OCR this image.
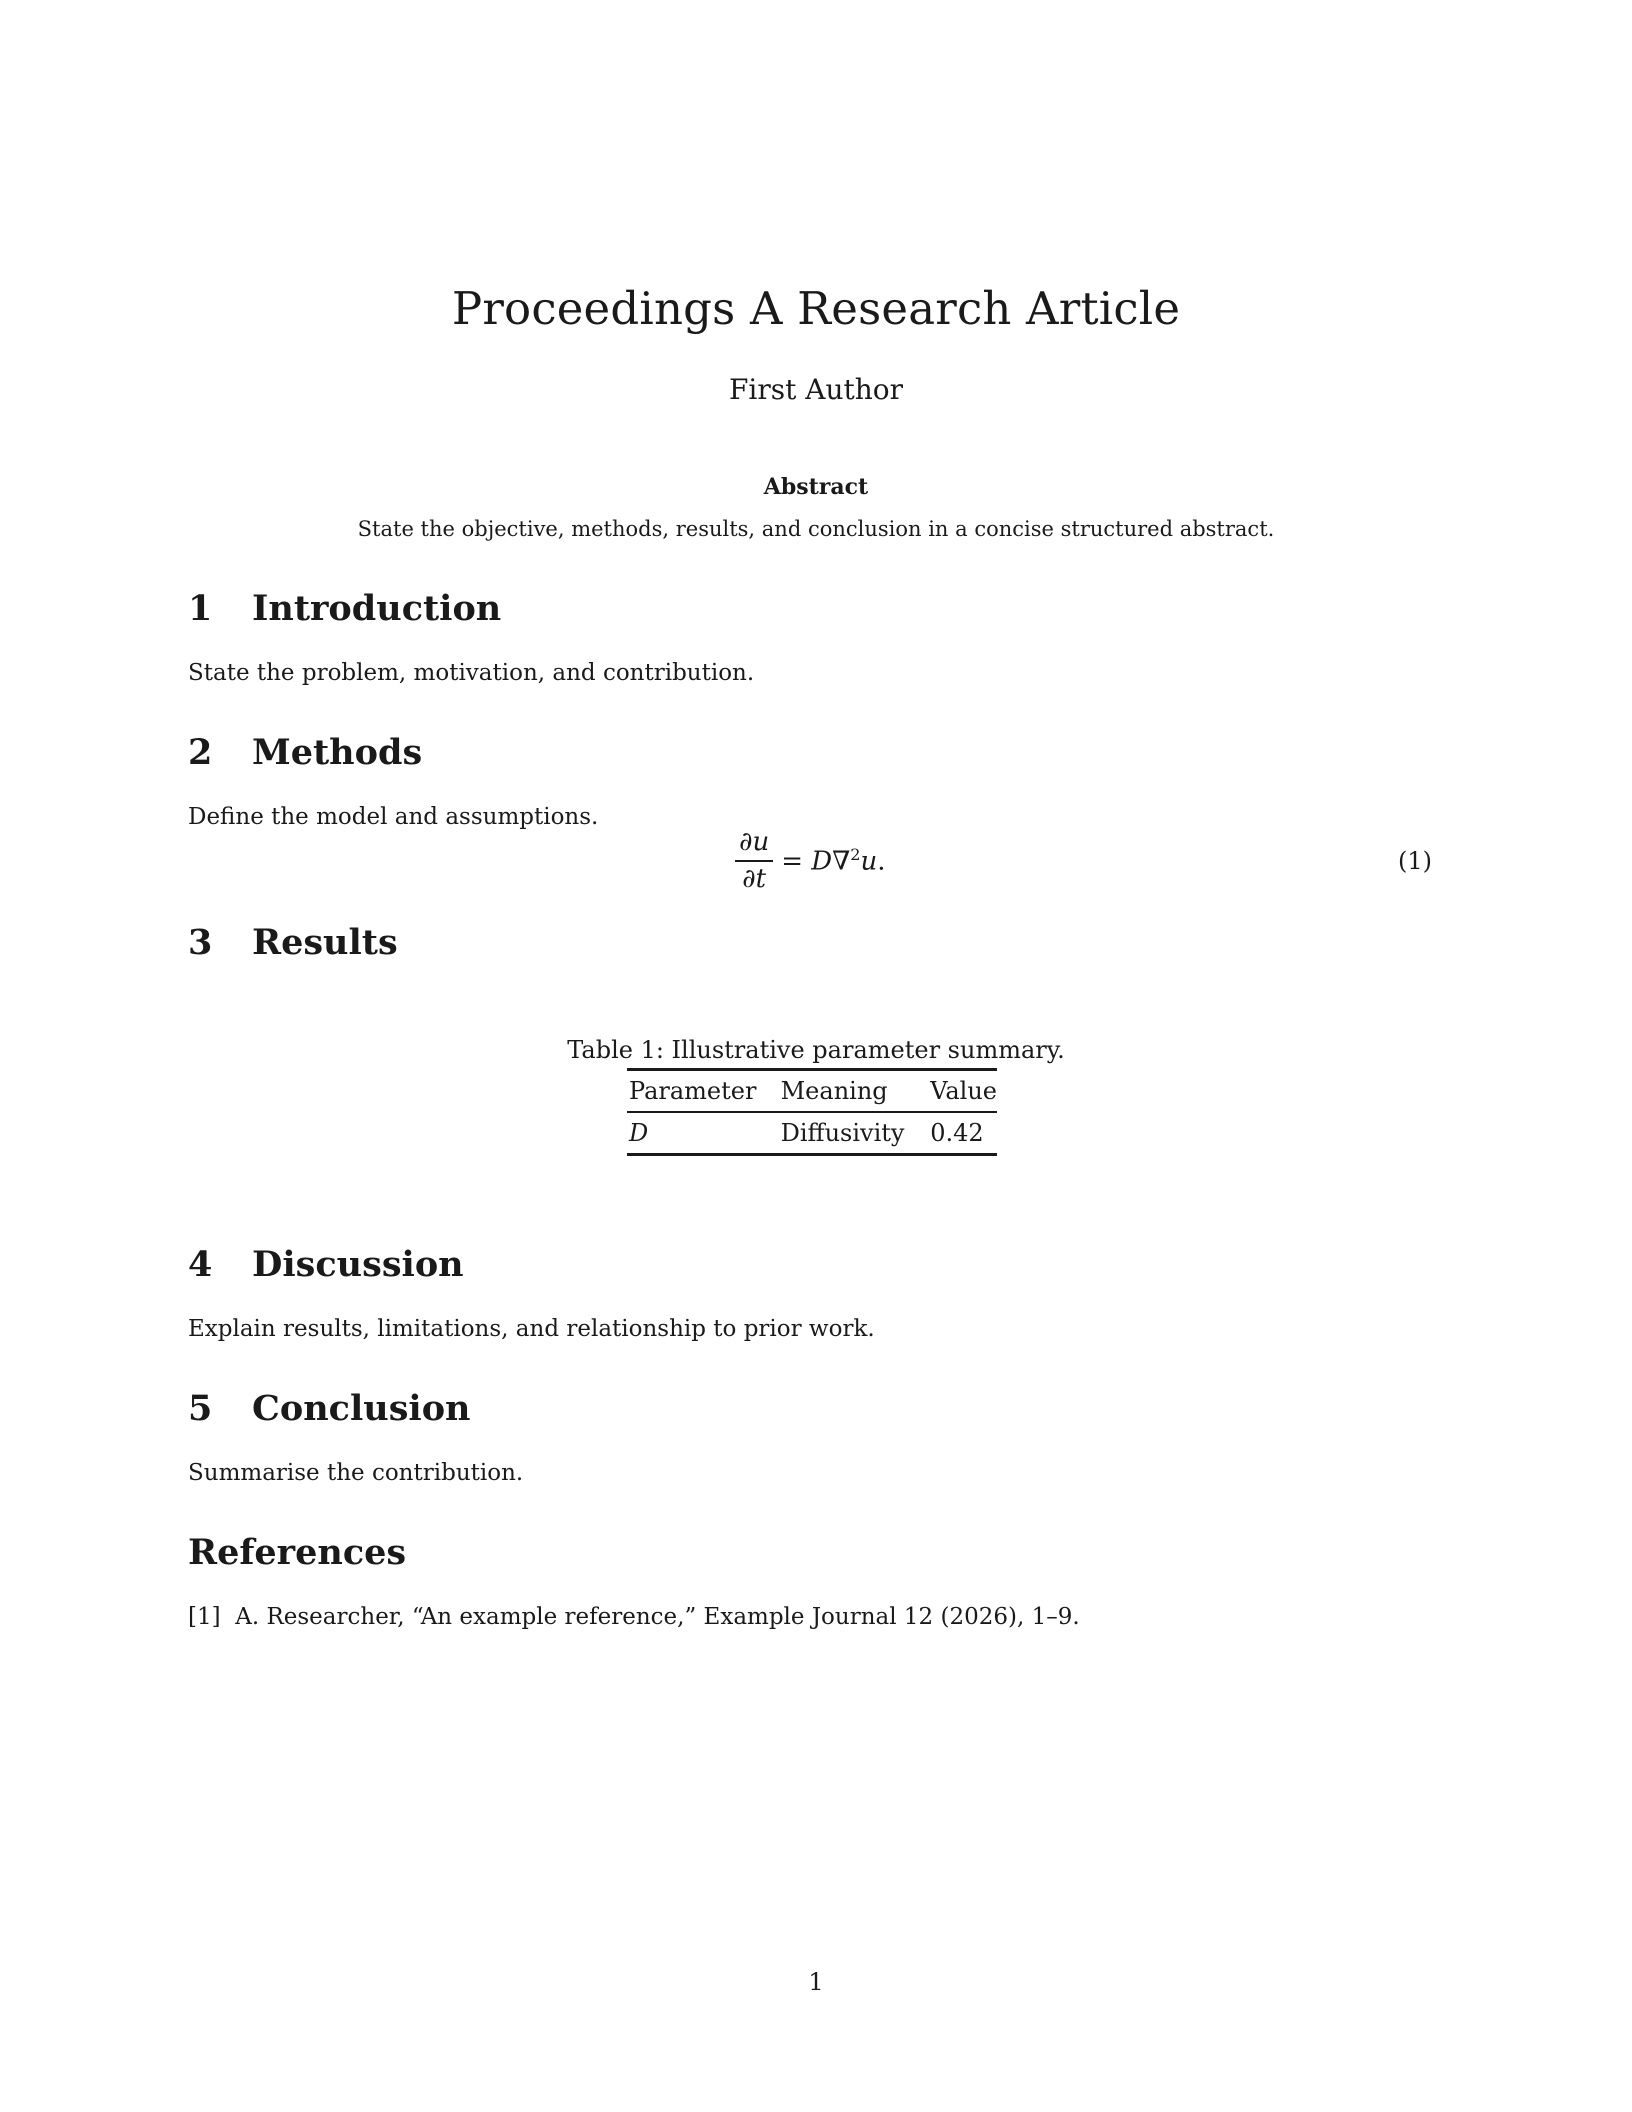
Proceedings A Research Article
First Author
Abstract
State the objective, methods, results, and conclusion in a concise structured abstract.
1 Introduction
State the problem, motivation, and contribution.
2 Methods
Define the model and assumptions.
$\frac{\partial u}{\partial t} = D\nabla^2u$.	(1)
3 Results
Table 1: Illustrative parameter summary.
Parameter	Meaning	Value
D	Diffusivity	0.42
4 Discussion
Explain results, limitations, and relationship to prior work.
5 Conclusion
Summarise the contribution.
References
[1] A. Researcher, “An example reference,” Example Journal 12 (2026), 1–9.
1
